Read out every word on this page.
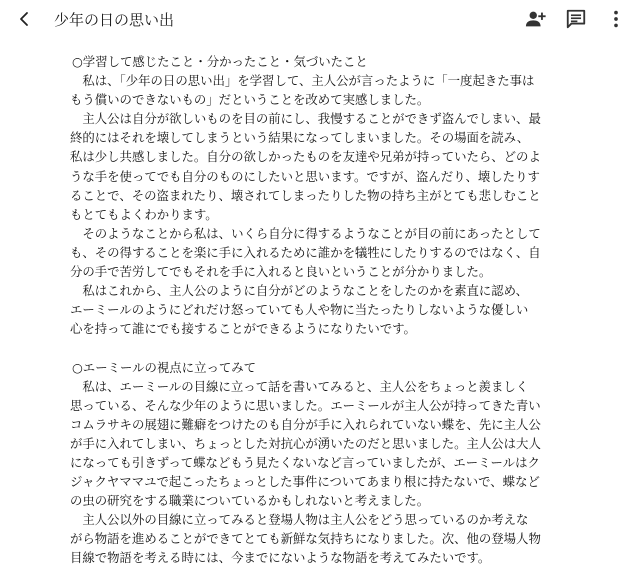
少年の日の思い出

○学習して感じたこと・分かったこと・気づいたこと

　私は、「少年の日の思い出」を学習して、主人公が言ったように「一度起きた事は

もう償いのできないもの」だということを改めて実感しました。

　主人公は自分が欲しいものを目の前にし、我慢することができず盗んでしまい、最

終的にはそれを壊してしまうという結果になってしまいました。その場面を読み、

私は少し共感しました。自分の欲しかったものを友達や兄弟が持っていたら、どのよ

うな手を使ってでも自分のものにしたいと思います。ですが、盗んだり、壊したりす

ることで、その盗まれたり、壊されてしまったりした物の持ち主がとても悲しむこと

もとてもよくわかります。

　そのようなことから私は、いくら自分に得するようなことが目の前にあったとして

も、その得することを楽に手に入れるために誰かを犠牲にしたりするのではなく、自

分の手で苦労してでもそれを手に入れると良いということが分かりました。

　私はこれから、主人公のように自分がどのようなことをしたのかを素直に認め、

エーミールのようにどれだけ怒っていても人や物に当たったりしないような優しい

心を持って誰にでも接することができるようになりたいです。

○エーミールの視点に立ってみて

　私は、エーミールの目線に立って話を書いてみると、主人公をちょっと羨ましく

思っている、そんな少年のように思いました。エーミールが主人公が持ってきた青い

コムラサキの展翅に難癖をつけたのも自分が手に入れられていない蝶を、先に主人公

が手に入れてしまい、ちょっとした対抗心が湧いたのだと思いました。主人公は大人

になっても引きずって蝶などもう見たくないなど言っていましたが、エーミールはク

ジャクヤママユで起こったちょっとした事件についてあまり根に持たないで、蝶など

の虫の研究をする職業についているかもしれないと考えました。

　主人公以外の目線に立ってみると登場人物は主人公をどう思っているのか考えな

がら物語を進めることができてとても新鮮な気持ちになりました。次、他の登場人物

目線で物語を考える時には、今までにないような物語を考えてみたいです。
